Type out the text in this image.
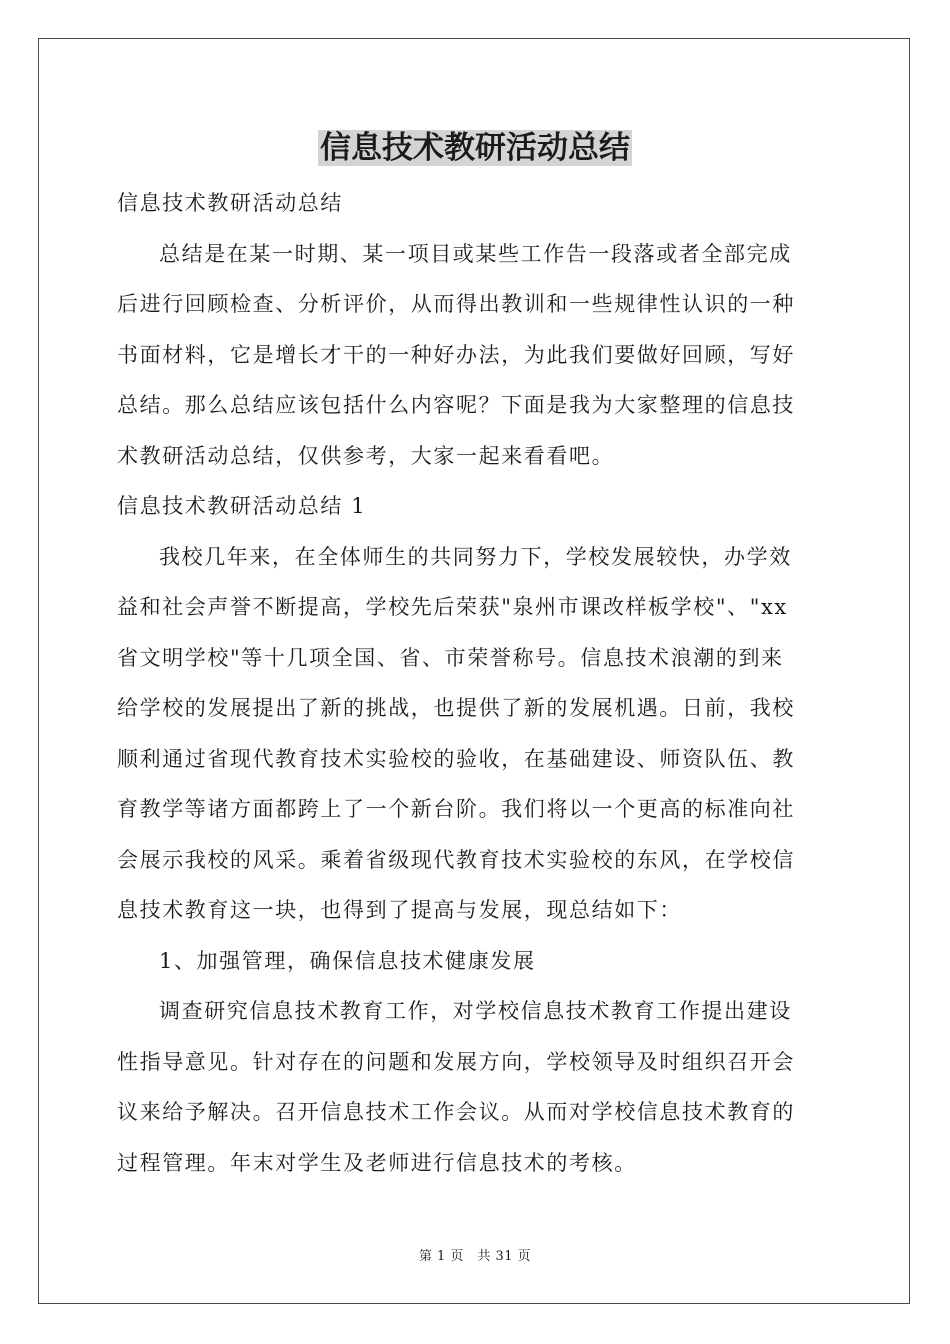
信息技术教研活动总结

信息技术教研活动总结

总结是在某一时期、某一项目或某些工作告一段落或者全部完成

后进行回顾检查、分析评价，从而得出教训和一些规律性认识的一种

书面材料，它是增长才干的一种好办法，为此我们要做好回顾，写好

总结。那么总结应该包括什么内容呢？下面是我为大家整理的信息技

术教研活动总结，仅供参考，大家一起来看看吧。

信息技术教研活动总结 1

我校几年来，在全体师生的共同努力下，学校发展较快，办学效

益和社会声誉不断提高，学校先后荣获"泉州市课改样板学校"、"xx

省文明学校"等十几项全国、省、市荣誉称号。信息技术浪潮的到来

给学校的发展提出了新的挑战，也提供了新的发展机遇。日前，我校

顺利通过省现代教育技术实验校的验收，在基础建设、师资队伍、教

育教学等诸方面都跨上了一个新台阶。我们将以一个更高的标准向社

会展示我校的风采。乘着省级现代教育技术实验校的东风，在学校信

息技术教育这一块，也得到了提高与发展，现总结如下：

1、加强管理，确保信息技术健康发展

调查研究信息技术教育工作，对学校信息技术教育工作提出建设

性指导意见。针对存在的问题和发展方向，学校领导及时组织召开会

议来给予解决。召开信息技术工作会议。从而对学校信息技术教育的

过程管理。年末对学生及老师进行信息技术的考核。

第 1 页　共 31 页
